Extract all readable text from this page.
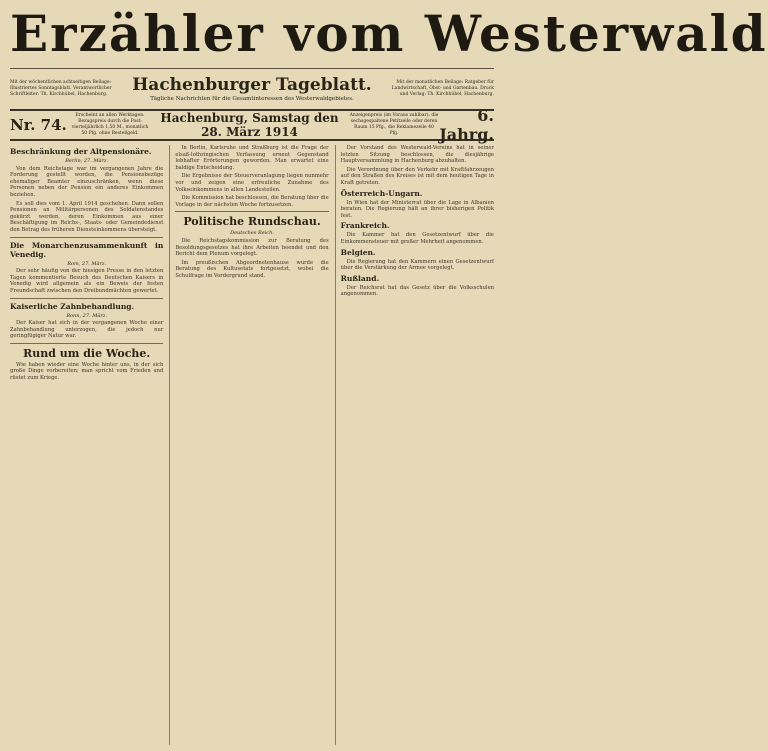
Erzähler vom Westerwald
Mit der wöchentlichen achtseitigen Beilage: Illustriertes Sonntagsblatt. Verantwortlicher Schriftleiter: Th. Kirchhübel, Hachenburg.	Hachenburger Tageblatt.
Tägliche Nachrichten für die Gesamtinteressen des Westerwaldgebietes.
Mit der monatlichen Beilage: Ratgeber für Landwirtschaft, Obst- und Gartenbau. Druck und Verlag: Th. Kirchhübel, Hachenburg.
Nr. 74.
Erscheint an allen Werktagen. Bezugspreis durch die Post: vierteljährlich 1,50 M., monatlich 50 Pfg. ohne Bestellgeld.
Hachenburg, Samstag den 28. März 1914
Anzeigenpreis (im Voraus zahlbar): die sechsgespaltene Petitzeile oder deren Raum 15 Pfg., die Reklamezeile 40 Pfg.
6. Jahrg.
Beschränkung der Altpensionäre.
Berlin, 27. März.

Von dem Reichstage war im vergangenen Jahre die Forderung gestellt worden, die Pensionsbezüge ehemaliger Beamter einzuschränken, wenn diese Personen neben der Pension ein anderes Einkommen beziehen.

Es soll dies vom 1. April 1914 geschehen. Dann sollen Pensionen an Militärpersonen des Soldatenstandes gekürzt werden, deren Einkommen aus einer Beschäftigung im Reichs-, Staats- oder Gemeindedienst den Betrag des früheren Diensteinkommens übersteigt.

Die Monarchenzusammenkunft in Venedig.
Rom, 27. März.

Der sehr häufig von der hiesigen Presse in den letzten Tagen kommentierte Besuch des Deutschen Kaisers in Venedig wird allgemein als ein Beweis der festen Freundschaft zwischen den Dreibundmächten gewertet.

Kaiserliche Zahnbehandlung.
Bonn, 27. März.

Der Kaiser hat sich in der vergangenen Woche einer Zahnbehandlung unterzogen, die jedoch nur geringfügiger Natur war.

Rund um die Woche.

Wie haben wieder eine Woche hinter uns, in der sich große Dinge vorbereiten; man spricht vom Frieden und rüstet zum Kriege.

In Berlin, Karlsruhe und Straßburg ist die Frage der elsaß-lothringischen Verfassung erneut Gegenstand lebhafter Erörterungen geworden. Man erwartet eine baldige Entscheidung.

Die Ergebnisse der Steuerveranlagung liegen nunmehr vor und zeigen eine erfreuliche Zunahme des Volkseinkommens in allen Landesteilen.

Die Kommission hat beschlossen, die Beratung über die Vorlage in der nächsten Woche fortzusetzen.

Politische Rundschau.
Deutsches Reich.

Die Reichstagskommission zur Beratung des Besoldungsgesetzes hat ihre Arbeiten beendet und den Bericht dem Plenum vorgelegt.

Im preußischen Abgeordnetenhause wurde die Beratung des Kultusetats fortgesetzt, wobei die Schulfrage im Vordergrund stand.

Der Vorstand des Westerwald-Vereins hat in seiner letzten Sitzung beschlossen, die diesjährige Hauptversammlung in Hachenburg abzuhalten.

Die Verordnung über den Verkehr mit Kraftfahrzeugen auf den Straßen des Kreises ist mit dem heutigen Tage in Kraft getreten.

Österreich-Ungarn.

In Wien hat der Ministerrat über die Lage in Albanien beraten. Die Regierung hält an ihrer bisherigen Politik fest.

Frankreich.

Die Kammer hat den Gesetzentwurf über die Einkommensteuer mit großer Mehrheit angenommen.

Belgien.

Die Regierung hat den Kammern einen Gesetzentwurf über die Verstärkung der Armee vorgelegt.

Rußland.

Der Reichsrat hat das Gesetz über die Volksschulen angenommen.
